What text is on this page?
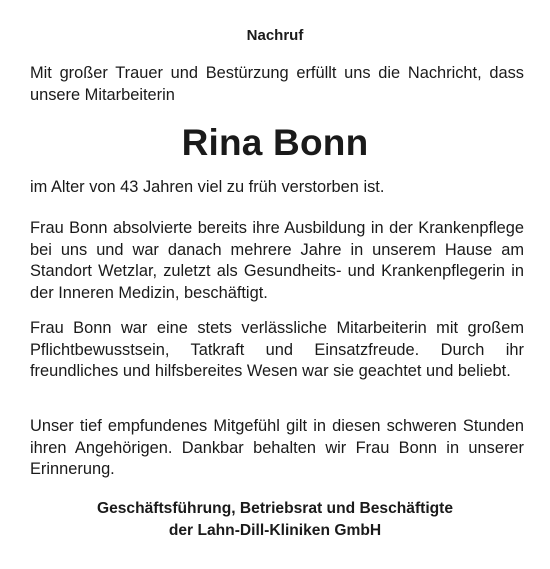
Nachruf

Mit großer Trauer und Bestürzung erfüllt uns die Nachricht, dass unsere Mitarbeiterin

Rina Bonn

im Alter von 43 Jahren viel zu früh verstorben ist.

Frau Bonn absolvierte bereits ihre Ausbildung in der Krankenpflege bei uns und war danach mehrere Jahre in unserem Hause am Standort Wetzlar, zuletzt als Gesundheits- und Krankenpflegerin in der Inneren Medizin, beschäftigt.

Frau Bonn war eine stets verlässliche Mitarbeiterin mit großem Pflichtbewusstsein, Tatkraft und Einsatzfreude. Durch ihr freundliches und hilfsbereites Wesen war sie geachtet und beliebt.

Unser tief empfundenes Mitgefühl gilt in diesen schweren Stunden ihren Angehörigen. Dankbar behalten wir Frau Bonn in unserer Erinnerung.

Geschäftsführung, Betriebsrat und Beschäftigte
der Lahn-Dill-Kliniken GmbH
